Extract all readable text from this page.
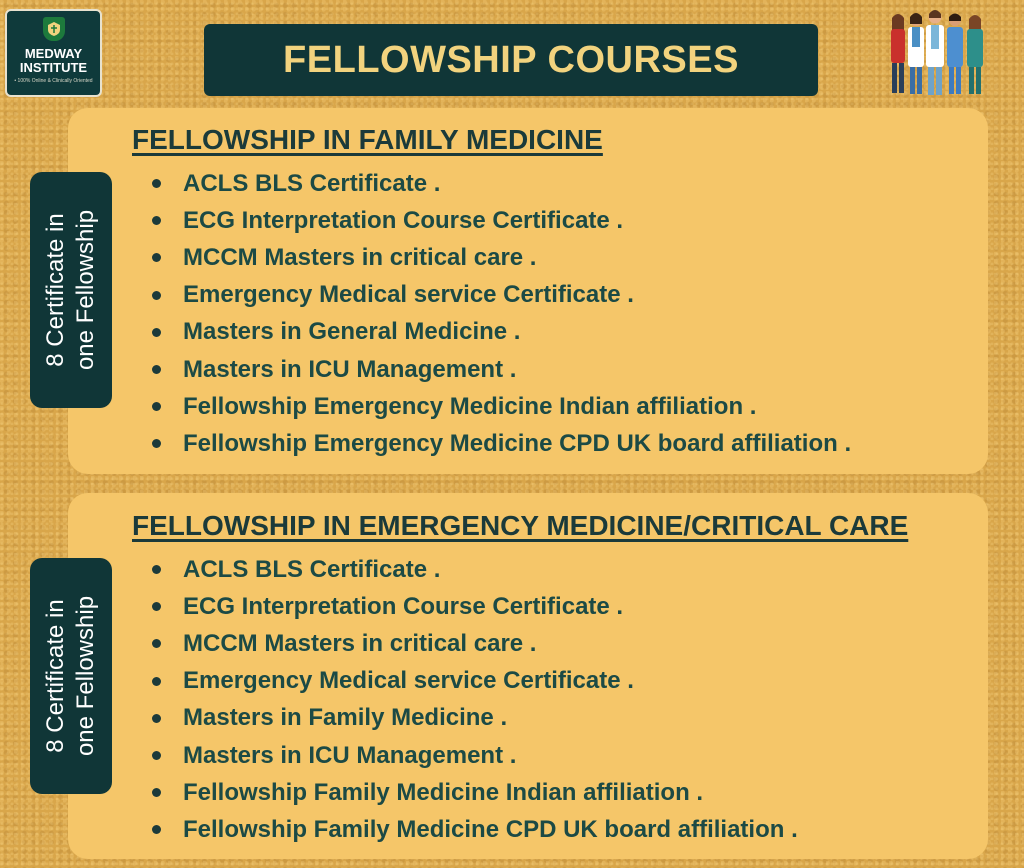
MEDWAY
INSTITUTE
• 100% Online & Clinically Oriented
FELLOWSHIP COURSES
8 Certificate in one Fellowship
FELLOWSHIP IN FAMILY MEDICINE
ACLS BLS Certificate .
ECG Interpretation Course Certificate .
MCCM Masters in critical care .
Emergency Medical service Certificate .
Masters in General Medicine .
Masters in ICU Management .
Fellowship Emergency Medicine Indian affiliation .
Fellowship Emergency Medicine CPD UK board affiliation .
8 Certificate in one Fellowship
FELLOWSHIP IN EMERGENCY MEDICINE/CRITICAL CARE
ACLS BLS Certificate .
ECG Interpretation Course Certificate .
MCCM Masters in critical care .
Emergency Medical service Certificate .
Masters in Family Medicine .
Masters in ICU Management .
Fellowship Family Medicine Indian affiliation .
Fellowship Family Medicine CPD UK board affiliation .
